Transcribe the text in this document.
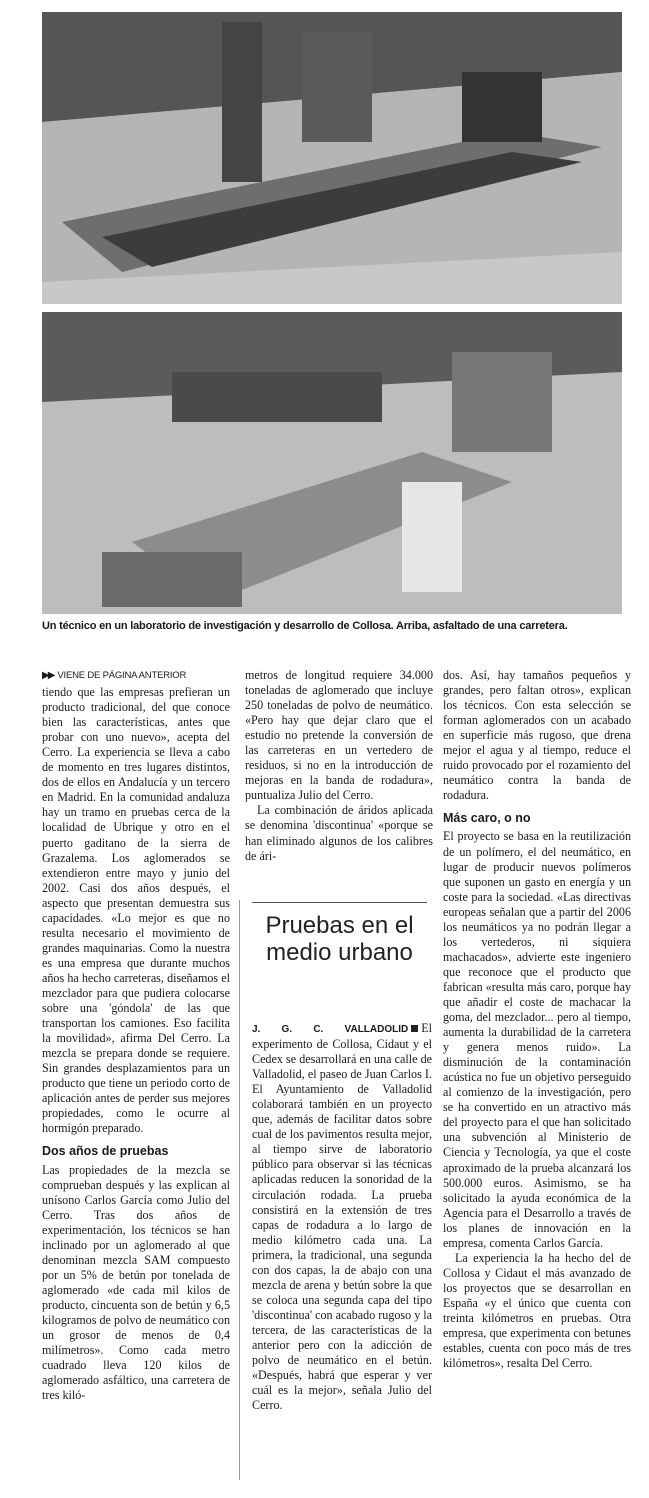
Un técnico en un laboratorio de investigación y desarrollo de Collosa. Arriba, asfaltado de una carretera.
▶▶ VIENE DE PÁGINA ANTERIOR

tiendo que las empresas prefieran un producto tradicional, del que conoce bien las características, antes que probar con uno nuevo», acepta del Cerro. La experiencia se lleva a cabo de momento en tres lugares distintos, dos de ellos en Andalucía y un tercero en Madrid. En la comunidad andaluza hay un tramo en pruebas cerca de la localidad de Ubrique y otro en el puerto gaditano de la sierra de Grazalema. Los aglomerados se extendieron entre mayo y junio del 2002. Casi dos años después, el aspecto que presentan demuestra sus capacidades. «Lo mejor es que no resulta necesario el movimiento de grandes maquinarias. Como la nuestra es una empresa que durante muchos años ha hecho carreteras, diseñamos el mezclador para que pudiera colocarse sobre una 'góndola' de las que transportan los camiones. Eso facilita la movilidad», afirma Del Cerro. La mezcla se prepara donde se requiere. Sin grandes desplazamientos para un producto que tiene un periodo corto de aplicación antes de perder sus mejores propiedades, como le ocurre al hormigón preparado.

Dos años de pruebas

Las propiedades de la mezcla se comprueban después y las explican al unísono Carlos García como Julio del Cerro. Tras dos años de experimentación, los técnicos se han inclinado por un aglomerado al que denominan mezcla SAM compuesto por un 5% de betún por tonelada de aglomerado «de cada mil kilos de producto, cincuenta son de betún y 6,5 kilogramos de polvo de neumático con un grosor de menos de 0,4 milímetros». Como cada metro cuadrado lleva 120 kilos de aglomerado asfáltico, una carretera de tres kiló-

metros de longitud requiere 34.000 toneladas de aglomerado que incluye 250 toneladas de polvo de neumático. «Pero hay que dejar claro que el estudio no pretende la conversión de las carreteras en un vertedero de residuos, si no en la introducción de mejoras en la banda de rodadura», puntualiza Julio del Cerro.

La combinación de áridos aplicada se denomina 'discontinua' «porque se han eliminado algunos de los calibres de ári-

Pruebas en el medio urbano
J. G. C. VALLADOLID El experimento de Collosa, Cidaut y el Cedex se desarrollará en una calle de Valladolid, el paseo de Juan Carlos I. El Ayuntamiento de Valladolid colaborará también en un proyecto que, además de facilitar datos sobre cual de los pavimentos resulta mejor, al tiempo sirve de laboratorio público para observar si las técnicas aplicadas reducen la sonoridad de la circulación rodada. La prueba consistirá en la extensión de tres capas de rodadura a lo largo de medio kilómetro cada una. La primera, la tradicional, una segunda con dos capas, la de abajo con una mezcla de arena y betún sobre la que se coloca una segunda capa del tipo 'discontinua' con acabado rugoso y la tercera, de las características de la anterior pero con la adicción de polvo de neumático en el betún. «Después, habrá que esperar y ver cuál es la mejor», señala Julio del Cerro.

dos. Así, hay tamaños pequeños y grandes, pero faltan otros», explican los técnicos. Con esta selección se forman aglomerados con un acabado en superficie más rugoso, que drena mejor el agua y al tiempo, reduce el ruido provocado por el rozamiento del neumático contra la banda de rodadura.

Más caro, o no

El proyecto se basa en la reutilización de un polímero, el del neumático, en lugar de producir nuevos polímeros que suponen un gasto en energía y un coste para la sociedad. «Las directivas europeas señalan que a partir del 2006 los neumáticos ya no podrán llegar a los vertederos, ni siquiera machacados», advierte este ingeniero que reconoce que el producto que fabrican «resulta más caro, porque hay que añadir el coste de machacar la goma, del mezclador... pero al tiempo, aumenta la durabilidad de la carretera y genera menos ruido». La disminución de la contaminación acústica no fue un objetivo perseguido al comienzo de la investigación, pero se ha convertido en un atractivo más del proyecto para el que han solicitado una subvención al Ministerio de Ciencia y Tecnología, ya que el coste aproximado de la prueba alcanzará los 500.000 euros. Asimismo, se ha solicitado la ayuda económica de la Agencia para el Desarrollo a través de los planes de innovación en la empresa, comenta Carlos García.

La experiencia la ha hecho del de Collosa y Cidaut el más avanzado de los proyectos que se desarrollan en España «y el único que cuenta con treinta kilómetros en pruebas. Otra empresa, que experimenta con betunes estables, cuenta con poco más de tres kilómetros», resalta Del Cerro.
